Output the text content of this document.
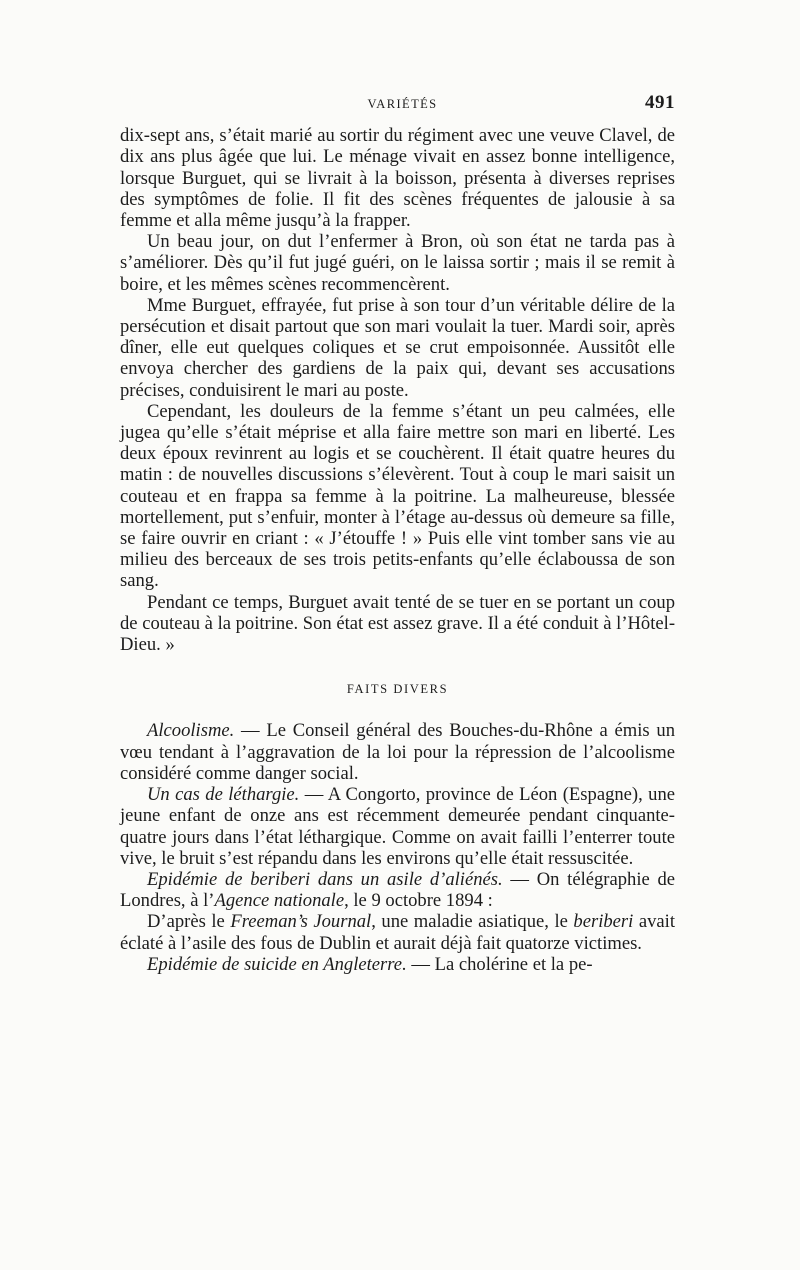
VARIÉTÉS	491

dix-sept ans, s’était marié au sortir du régiment avec une veuve Clavel, de dix ans plus âgée que lui. Le ménage vivait en assez bonne intelligence, lorsque Burguet, qui se livrait à la boisson, présenta à diverses reprises des symptômes de folie. Il fit des scènes fréquentes de jalousie à sa femme et alla même jusqu’à la frapper.

Un beau jour, on dut l’enfermer à Bron, où son état ne tarda pas à s’améliorer. Dès qu’il fut jugé guéri, on le laissa sortir ; mais il se remit à boire, et les mêmes scènes recommencèrent.

Mme Burguet, effrayée, fut prise à son tour d’un véritable délire de la persécution et disait partout que son mari voulait la tuer. Mardi soir, après dîner, elle eut quelques coliques et se crut empoisonnée. Aussitôt elle envoya chercher des gardiens de la paix qui, devant ses accusations précises, conduisirent le mari au poste.

Cependant, les douleurs de la femme s’étant un peu calmées, elle jugea qu’elle s’était méprise et alla faire mettre son mari en liberté. Les deux époux revinrent au logis et se couchèrent. Il était quatre heures du matin : de nouvelles discussions s’élevèrent. Tout à coup le mari saisit un couteau et en frappa sa femme à la poitrine. La malheureuse, blessée mortellement, put s’enfuir, monter à l’étage au-dessus où demeure sa fille, se faire ouvrir en criant : « J’étouffe ! » Puis elle vint tomber sans vie au milieu des berceaux de ses trois petits-enfants qu’elle éclaboussa de son sang.

Pendant ce temps, Burguet avait tenté de se tuer en se portant un coup de couteau à la poitrine. Son état est assez grave. Il a été conduit à l’Hôtel-Dieu. »

FAITS DIVERS

Alcoolisme. — Le Conseil général des Bouches-du-Rhône a émis un vœu tendant à l’aggravation de la loi pour la répression de l’alcoolisme considéré comme danger social.

Un cas de léthargie. — A Congorto, province de Léon (Espagne), une jeune enfant de onze ans est récemment demeurée pendant cinquante-quatre jours dans l’état léthargique. Comme on avait failli l’enterrer toute vive, le bruit s’est répandu dans les environs qu’elle était ressuscitée.

Epidémie de beriberi dans un asile d’aliénés. — On télégraphie de Londres, à l’Agence nationale, le 9 octobre 1894 :

D’après le Freeman’s Journal, une maladie asiatique, le beriberi avait éclaté à l’asile des fous de Dublin et aurait déjà fait quatorze victimes.

Epidémie de suicide en Angleterre. — La cholérine et la pe-
